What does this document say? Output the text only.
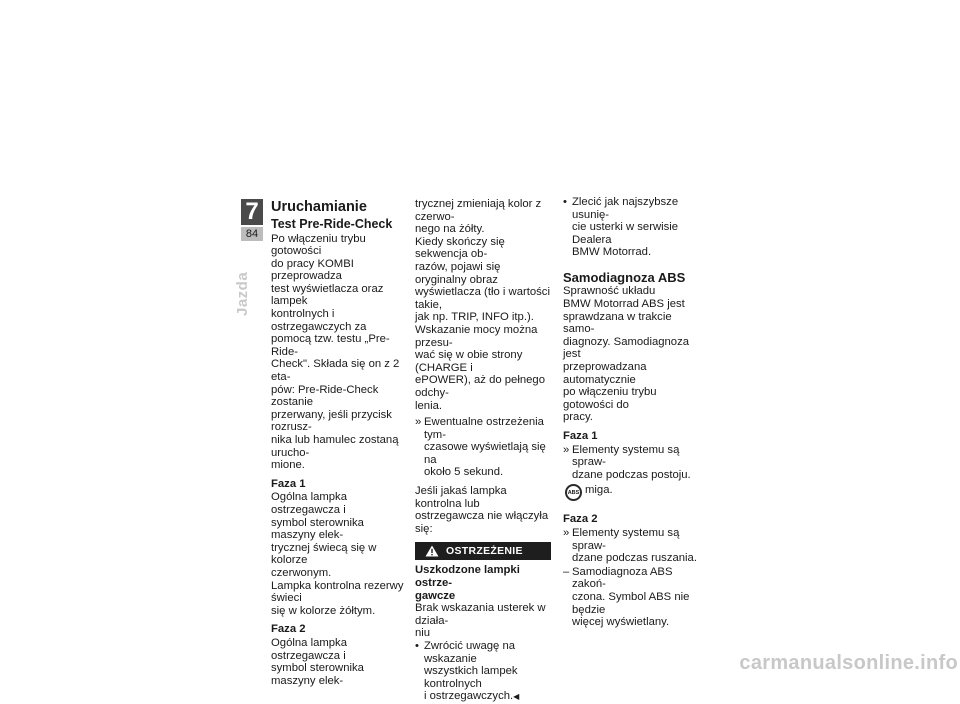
7
84
Jazda
Uruchamianie
Test Pre-Ride-Check

Po włączeniu trybu gotowości
do pracy KOMBI przeprowadza
test wyświetlacza oraz lampek
kontrolnych i ostrzegawczych za
pomocą tzw. testu „Pre-Ride-
Check". Składa się on z 2 eta-
pów: Pre-Ride-Check zostanie
przerwany, jeśli przycisk rozrusz-
nika lub hamulec zostaną urucho-
mione.

Faza 1

Ogólna lampka ostrzegawcza i
symbol sterownika maszyny elek-
trycznej świecą się w kolorze
czerwonym.
Lampka kontrolna rezerwy świeci
się w kolorze żółtym.

Faza 2

Ogólna lampka ostrzegawcza i
symbol sterownika maszyny elek-

trycznej zmieniają kolor z czerwo-
nego na żółty.
Kiedy skończy się sekwencja ob-
razów, pojawi się oryginalny obraz
wyświetlacza (tło i wartości takie,
jak np. TRIP, INFO itp.).
Wskazanie mocy można przesu-
wać się w obie strony (CHARGE i
ePOWER), aż do pełnego odchy-
lenia.

» Ewentualne ostrzeżenia tym-
czasowe wyświetlają się na
około 5 sekund.

Jeśli jakaś lampka kontrolna lub
ostrzegawcza nie włączyła się:

OSTRZEŻENIE

Uszkodzone lampki ostrze-
gawcze

Brak wskazania usterek w działa-
niu

• Zwrócić uwagę na wskazanie
wszystkich lampek kontrolnych
i ostrzegawczych.◀
• Zlecić jak najszybsze usunię-
cie usterki w serwisie Dealera
BMW Motorrad.
Samodiagnoza ABS

Sprawność układu
BMW Motorrad ABS jest
sprawdzana w trakcie samo-
diagnozy. Samodiagnoza jest
przeprowadzana automatycznie
po włączeniu trybu gotowości do
pracy.

Faza 1
» Elementy systemu są spraw-
dzane podczas postoju.
ABS miga.
Faza 2
» Elementy systemu są spraw-
dzane podczas ruszania.
– Samodiagnoza ABS zakoń-
czona. Symbol ABS nie będzie
więcej wyświetlany.
carmanualsonline.info
